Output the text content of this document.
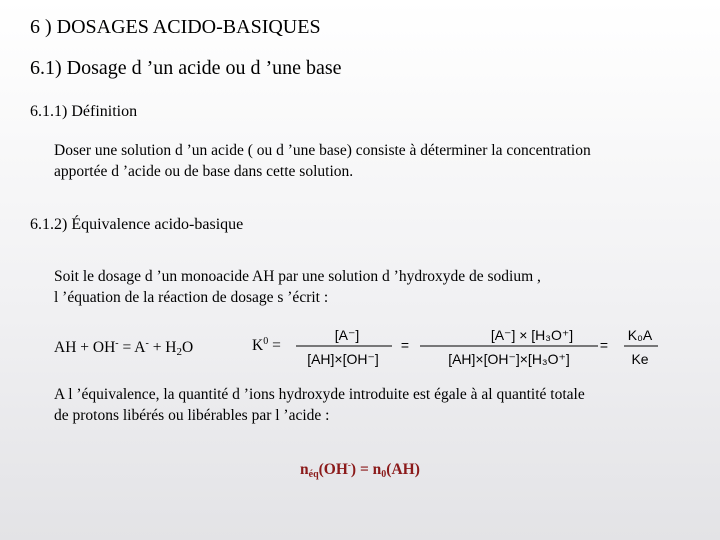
6 ) DOSAGES ACIDO-BASIQUES
6.1) Dosage d ’un acide ou d ’une base
6.1.1) Définition
Doser une solution d ’un acide ( ou d ’une base) consiste à déterminer la concentration
apportée d ’acide ou de base dans cette solution.
6.1.2) Équivalence acido-basique
Soit le dosage d ’un monoacide AH par une solution d ’hydroxyde de sodium ,
l ’équation de la réaction de dosage s ’écrit :
AH + $OH^- = A^- + H_2O$	$K^0$ =
[A⁻]
[AH]×[OH⁻]
=
[A⁻] × [H₃O⁺]
[AH]×[OH⁻]×[H₃O⁺]
=
K₀A
Ke
A l ’équivalence, la quantité d ’ions hydroxyde introduite est égale à al quantité totale
de protons libérés ou libérables par l ’acide :
$n_{éq}(OH^-) = n_0(AH)$
